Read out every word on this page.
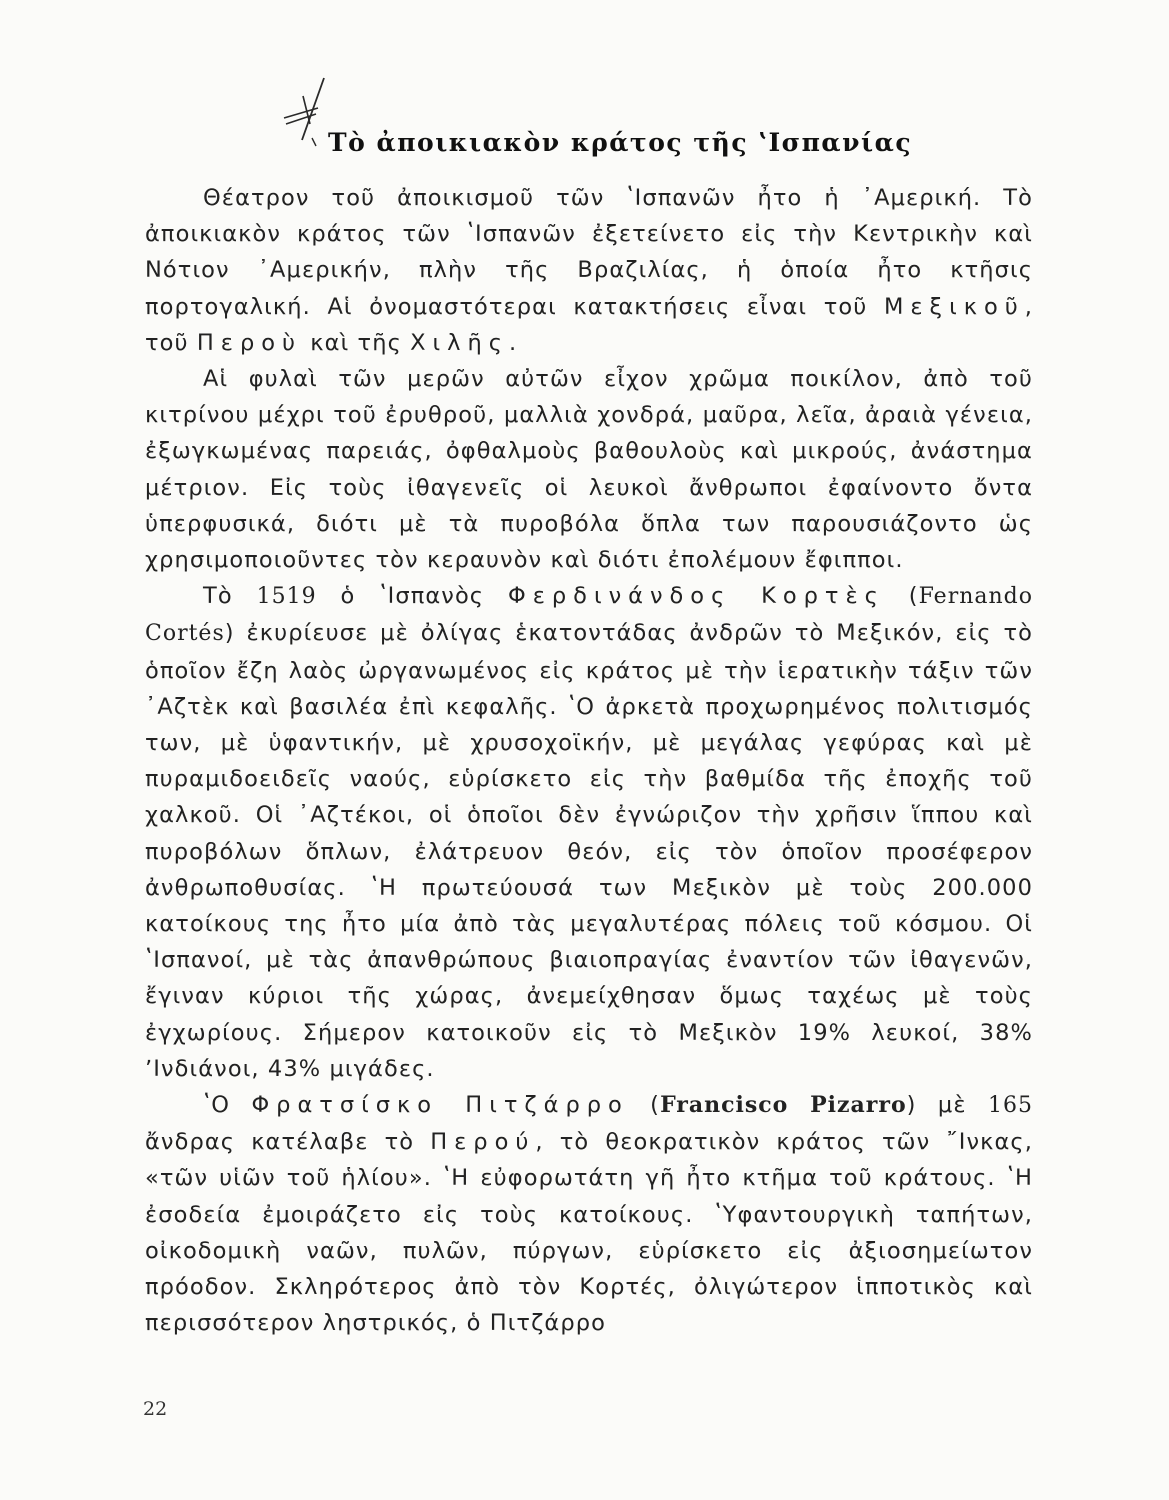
Τὸ ἀποικιακὸν κράτος τῆς ʽΙσπανίας

Θέατρον τοῦ ἀποικισμοῦ τῶν ʽΙσπανῶν ἦτο ἡ ᾿Αμερική. Τὸ ἀποικιακὸν κράτος τῶν ʽΙσπανῶν ἐξετείνετο εἰς τὴν Κεντρικὴν καὶ Νότιον ᾿Αμερικήν, πλὴν τῆς Βραζιλίας, ἡ ὁποία ἦτο κτῆσις πορτογαλική. Αἱ ὀνομαστότεραι κατακτήσεις εἶναι τοῦ Μεξικοῦ, τοῦ Περοὺ καὶ τῆς Χιλῆς.

Αἱ φυλαὶ τῶν μερῶν αὐτῶν εἶχον χρῶμα ποικίλον, ἀπὸ τοῦ κιτρίνου μέχρι τοῦ ἐρυθροῦ, μαλλιὰ χονδρά, μαῦρα, λεῖα, ἀραιὰ γένεια, ἐξωγκωμένας παρειάς, ὀφθαλμοὺς βαθουλοὺς καὶ μικρούς, ἀνάστημα μέτριον. Εἰς τοὺς ἰθαγενεῖς οἱ λευκοὶ ἄνθρωποι ἐφαίνοντο ὄντα ὑπερφυσικά, διότι μὲ τὰ πυροβόλα ὅπλα των παρουσιάζοντο ὡς χρησιμοποιοῦντες τὸν κεραυνὸν καὶ διότι ἐπολέμουν ἔφιπποι.

Τὸ 1519 ὁ ʽΙσπανὸς Φερδινάνδος Κορτὲς (Fernando Cortés) ἐκυρίευσε μὲ ὀλίγας ἑκατοντάδας ἀνδρῶν τὸ Μεξικόν, εἰς τὸ ὁποῖον ἔζη λαὸς ὠργανωμένος εἰς κράτος μὲ τὴν ἱερατικὴν τάξιν τῶν ᾿Αζτὲκ καὶ βασιλέα ἐπὶ κεφαλῆς. ʽΟ ἀρκετὰ προχωρημένος πολιτισμός των, μὲ ὑφαντικήν, μὲ χρυσοχοϊκήν, μὲ μεγάλας γεφύρας καὶ μὲ πυραμιδοειδεῖς ναούς, εὑρίσκετο εἰς τὴν βαθμίδα τῆς ἐποχῆς τοῦ χαλκοῦ. Οἱ ᾿Αζτέκοι, οἱ ὁποῖοι δὲν ἐγνώριζον τὴν χρῆσιν ἵππου καὶ πυροβόλων ὅπλων, ἐλάτρευον θεόν, εἰς τὸν ὁποῖον προσέφερον ἀνθρωποθυσίας. ʽΗ πρωτεύουσά των Μεξικὸν μὲ τοὺς 200.000 κατοίκους της ἦτο μία ἀπὸ τὰς μεγαλυτέρας πόλεις τοῦ κόσμου. Οἱ ʽΙσπανοί, μὲ τὰς ἀπανθρώπους βιαιοπραγίας ἐναντίον τῶν ἰθαγενῶν, ἔγιναν κύριοι τῆς χώρας, ἀνεμείχθησαν ὅμως ταχέως μὲ τοὺς ἐγχωρίους. Σήμερον κατοικοῦν εἰς τὸ Μεξικὸν 19% λευκοί, 38% ʼΙνδιάνοι, 43% μιγάδες.

ʽΟ Φρατσίσκο Πιτζάρρο (Francisco Pizarro) μὲ 165 ἄνδρας κατέλαβε τὸ Περού, τὸ θεοκρατικὸν κράτος τῶν ῎Ινκας, «τῶν υἱῶν τοῦ ἡλίου». ʽΗ εὐφορωτάτη γῆ ἦτο κτῆμα τοῦ κράτους. ʽΗ ἐσοδεία ἐμοιράζετο εἰς τοὺς κατοίκους. ʽΥφαντουργικὴ ταπήτων, οἰκοδομικὴ ναῶν, πυλῶν, πύργων, εὑρίσκετο εἰς ἀξιοσημείωτον πρόοδον. Σκληρότερος ἀπὸ τὸν Κορτές, ὀλιγώτερον ἱπποτικὸς καὶ περισσότερον ληστρικός, ὁ Πιτζάρρο

22
